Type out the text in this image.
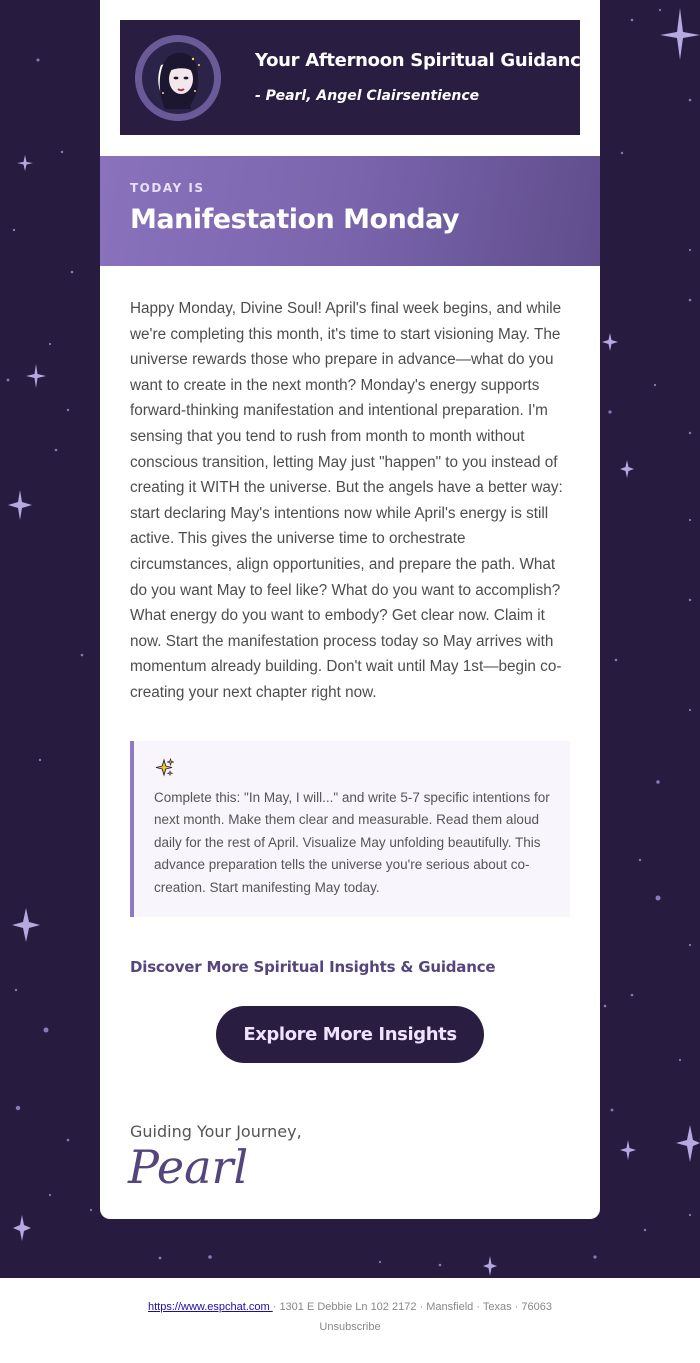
Your Afternoon Spiritual Guidance
- Pearl, Angel Clairsentience
TODAY IS
Manifestation Monday

Happy Monday, Divine Soul! April's final week begins, and while we're completing this month, it's time to start visioning May. The universe rewards those who prepare in advance—what do you want to create in the next month? Monday's energy supports forward-thinking manifestation and intentional preparation. I'm sensing that you tend to rush from month to month without conscious transition, letting May just "happen" to you instead of creating it WITH the universe. But the angels have a better way: start declaring May's intentions now while April's energy is still active. This gives the universe time to orchestrate circumstances, align opportunities, and prepare the path. What do you want May to feel like? What do you want to accomplish? What energy do you want to embody? Get clear now. Claim it now. Start the manifestation process today so May arrives with momentum already building. Don't wait until May 1st—begin co-creating your next chapter right now.

Complete this: "In May, I will..." and write 5-7 specific intentions for next month. Make them clear and measurable. Read them aloud daily for the rest of April. Visualize May unfolding beautifully. This advance preparation tells the universe you're serious about co-creation. Start manifesting May today.

Discover More Spiritual Insights & Guidance
Explore More Insights
Guiding Your Journey,
Pearl
https://www.espchat.com · 1301 E Debbie Ln 102 2172 · Mansfield · Texas · 76063
Unsubscribe
